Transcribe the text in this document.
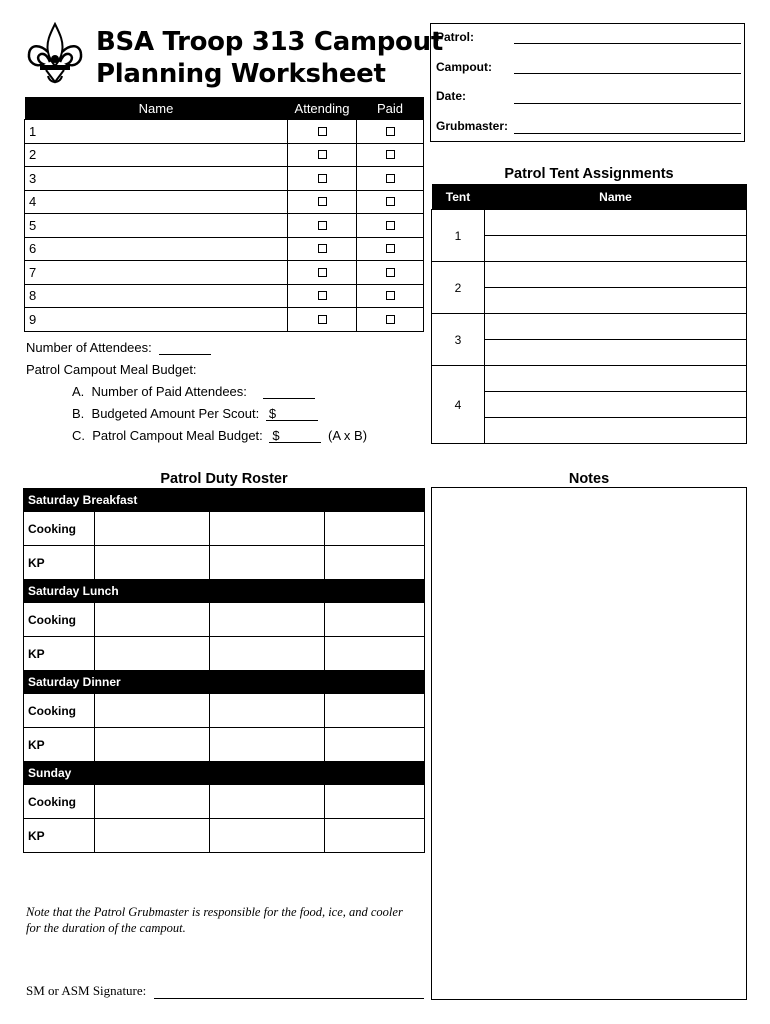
BSA Troop 313 Campout
Planning Worksheet
Name	Attending	Paid
1		
2		
3		
4		
5		
6		
7		
8		
9		
Number of Attendees:
Patrol Campout Meal Budget:
A. Number of Paid Attendees:
B. Budgeted Amount Per Scout: $
C. Patrol Campout Meal Budget: $	(A x B)
Patrol:
Campout:
Date:
Grubmaster:
Patrol Tent Assignments
Tent	Name
1	

2	

3	

4	

Patrol Duty Roster
Saturday Breakfast			
Cooking			
KP			
Saturday Lunch			
Cooking			
KP			
Saturday Dinner			
Cooking			
KP			
Sunday			
Cooking			
KP			
Notes
Note that the Patrol Grubmaster is responsible for the food, ice, and cooler for the duration of the campout.
SM or ASM Signature:
